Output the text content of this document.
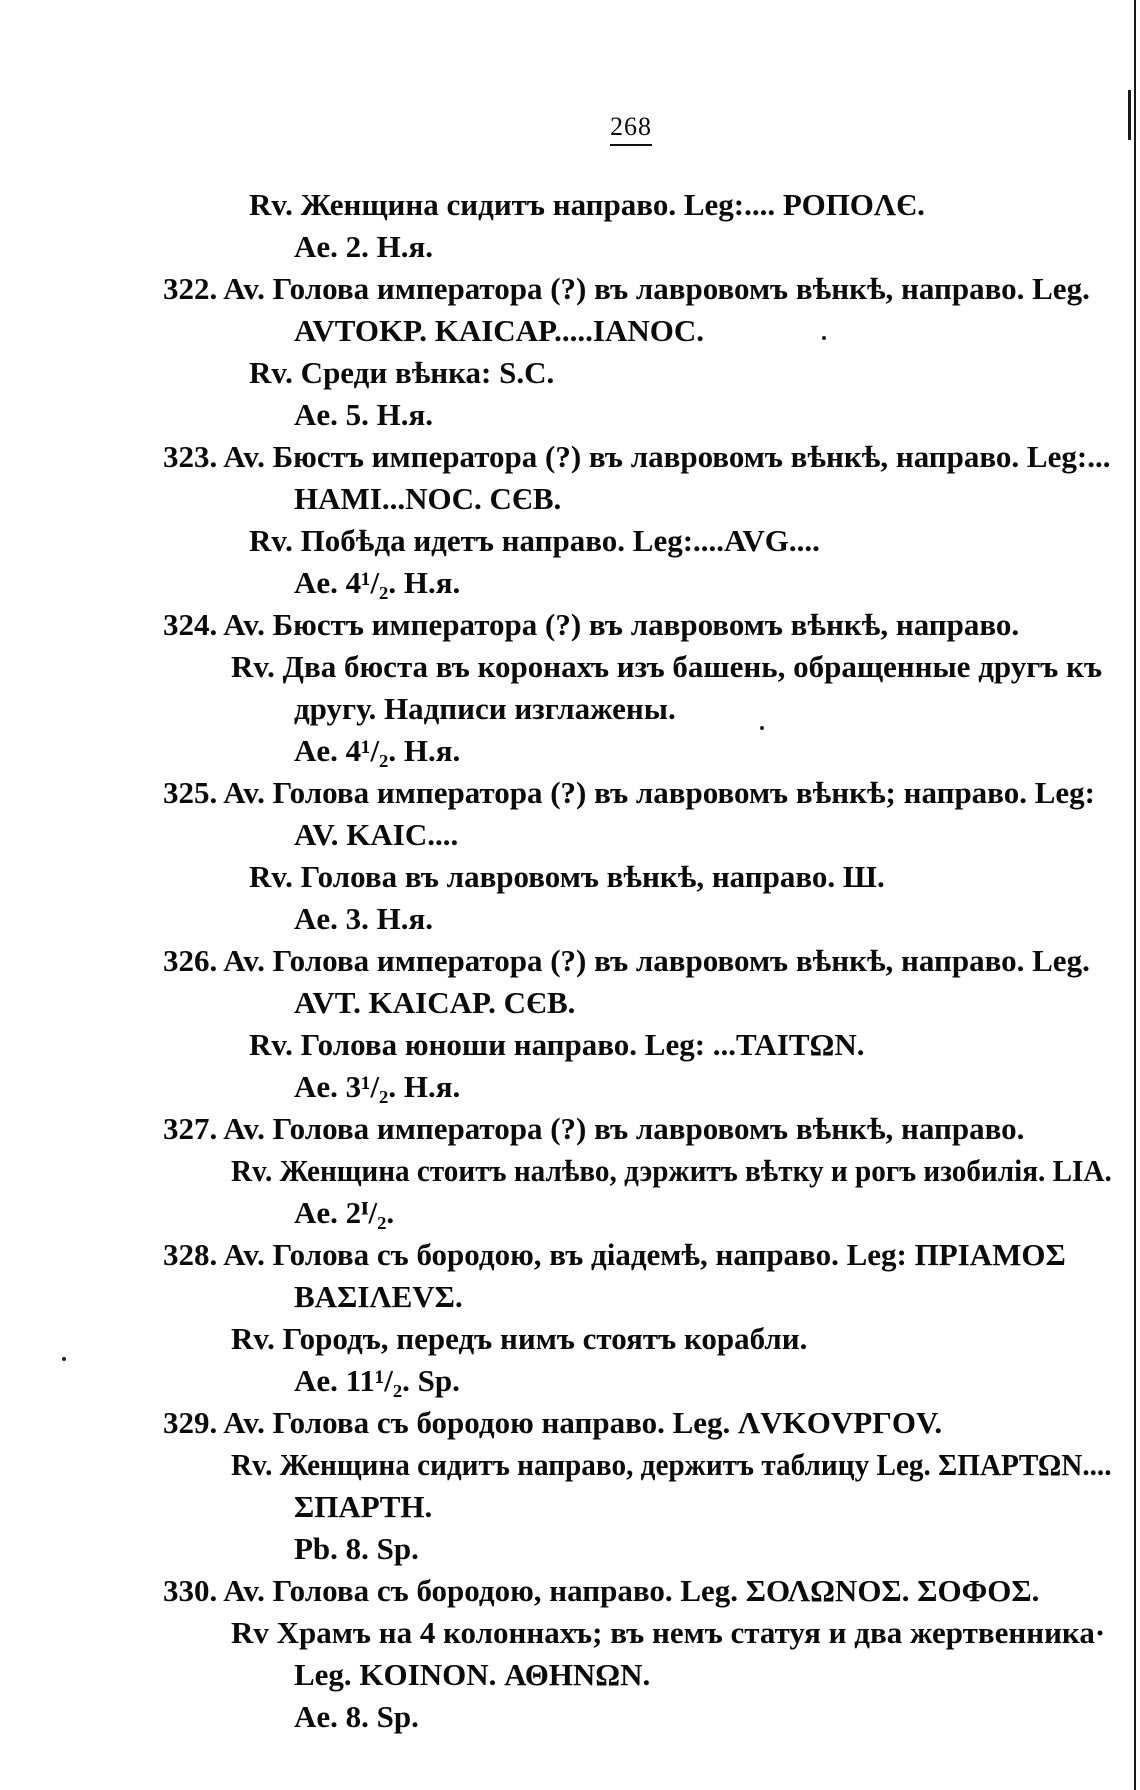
268
Rv. Женщина сидитъ направо. Leg:.... РОПОΛЄ.
Ae. 2. Н.я.
322. Av. Голова императора (?) въ лавровомъ вѣнкѣ, направо. Leg.
AVTOKP. KAICAP.....IANOC.
Rv. Среди вѣнка: S.C.
Ae. 5. Н.я.
323. Av. Бюстъ императора (?) въ лавровомъ вѣнкѣ, направо. Leg:...
HAMI...NOC. CЄB.
Rv. Побѣда идетъ направо. Leg:....AVG....
Ae. 4¹/₂. Н.я.
324. Av. Бюстъ императора (?) въ лавровомъ вѣнкѣ, направо.
Rv. Два бюста въ коронахъ изъ башень, обращенные другъ къ
другу. Надписи изглажены.
Ae. 4¹/₂. Н.я.
325. Av. Голова императора (?) въ лавровомъ вѣнкѣ; направо. Leg:
AV. KAIC....
Rv. Голова въ лавровомъ вѣнкѣ, направо. Ш.
Ae. 3. Н.я.
326. Av. Голова императора (?) въ лавровомъ вѣнкѣ, направо. Leg.
AVT. KAICAP. CЄB.
Rv. Голова юноши направо. Leg: ...TAITΩN.
Ae. 3¹/₂. Н.я.
327. Av. Голова императора (?) въ лавровомъ вѣнкѣ, направо.
Rv. Женщина стоитъ налѣво, дэржитъ вѣтку и рогъ изобилія. LIA.
Ae. 2ᴵ/₂.
328. Av. Голова съ бородою, въ діадемѣ, направо. Leg: ΠΡΙΑΜΟΣ
ΒΑΣΙΛΕVΣ.
Rv. Городъ, передъ нимъ стоятъ корабли.
Ae. 11¹/₂. Sp.
329. Av. Голова съ бородою направо. Leg. ΛVKOVPΓOV.
Rv. Женщина сидитъ направо, держитъ таблицу Leg. ΣΠΑΡΤΩΝ....
ΣΠΑΡΤΗ.
Pb. 8. Sp.
330. Av. Голова съ бородою, направо. Leg. ΣΟΛΩΝΟΣ. ΣΟΦΟΣ.
Rv Храмъ на 4 колоннахъ; въ немъ статуя и два жертвенника·
Leg. KOINON. ΑΘΗΝΩΝ.
Ae. 8. Sp.
